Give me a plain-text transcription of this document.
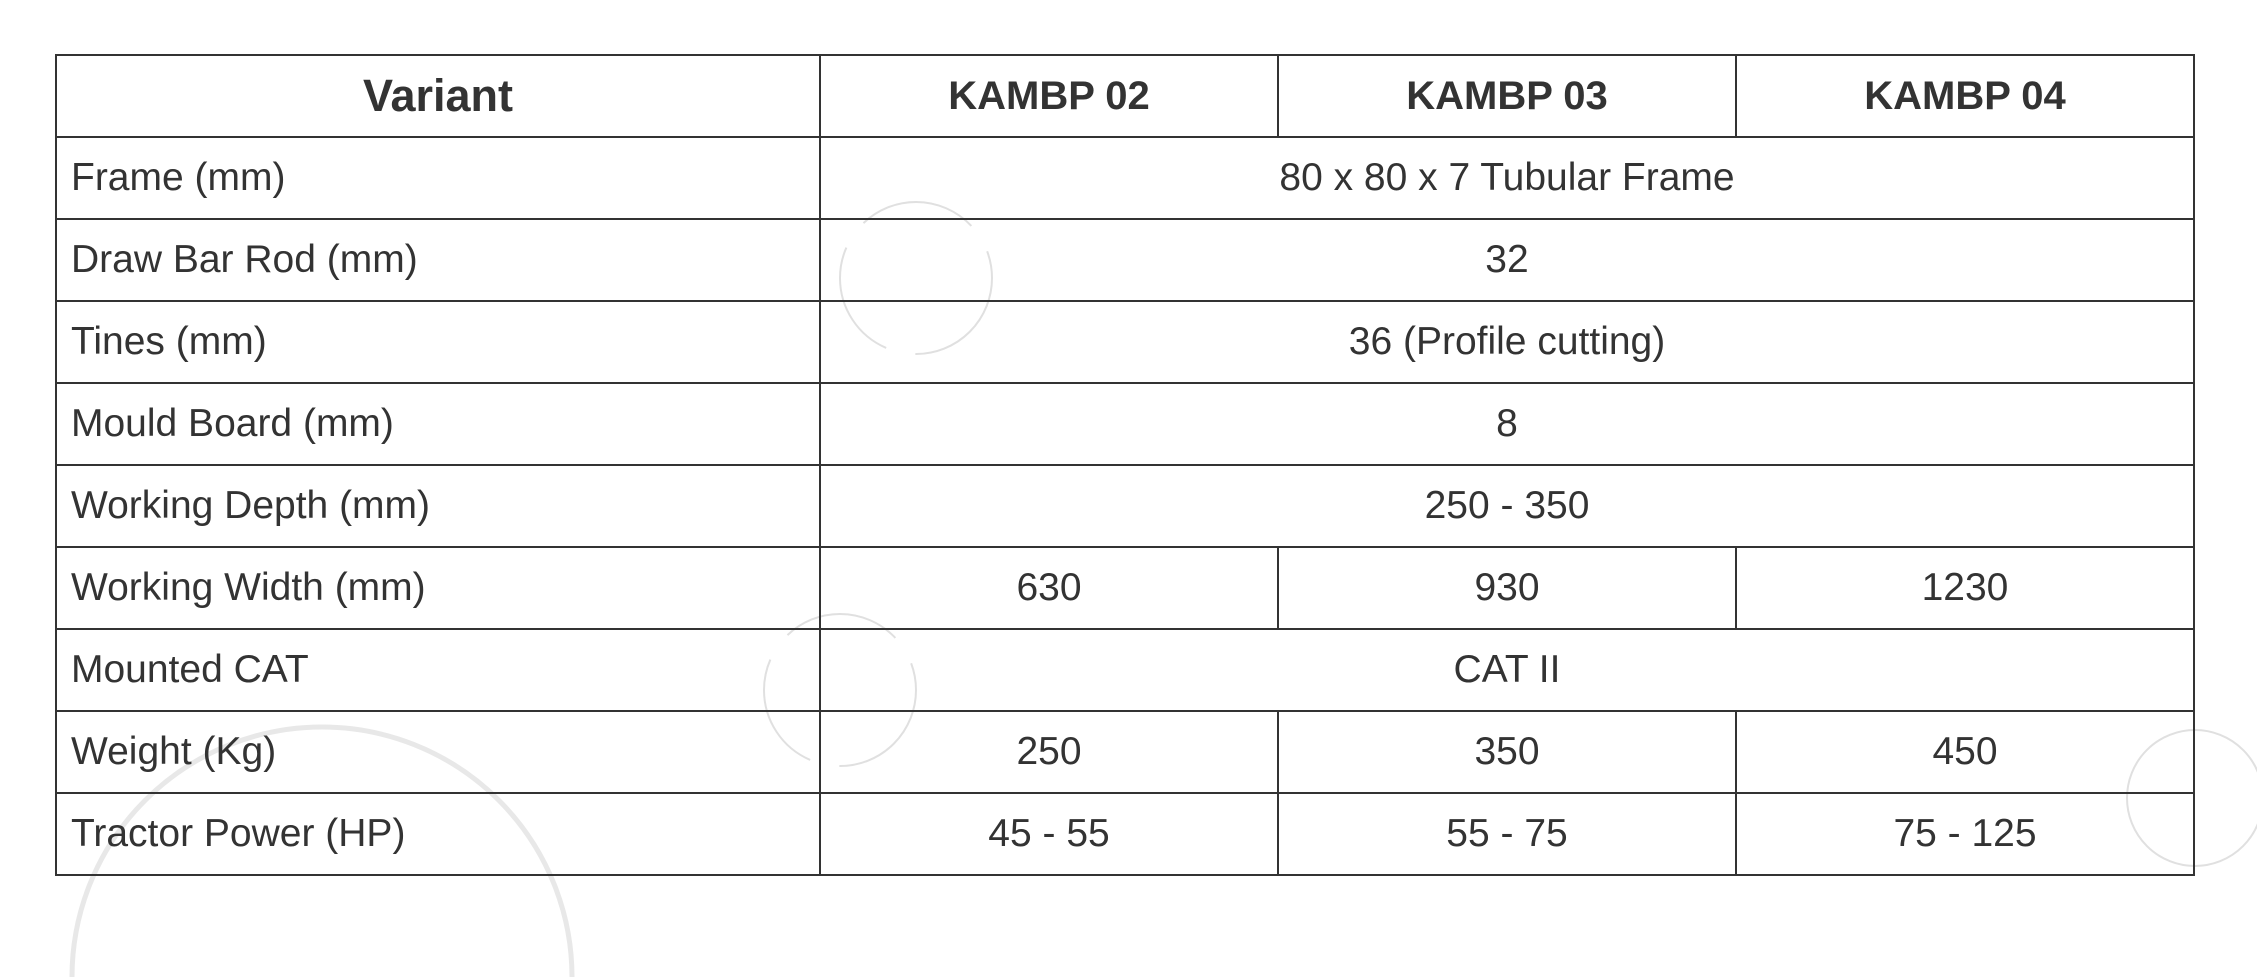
Variant	KAMBP 02	KAMBP 03	KAMBP 04
Frame (mm)	80 x 80 x 7 Tubular Frame		
Draw Bar Rod (mm)	32		
Tines (mm)	36 (Profile cutting)		
Mould Board (mm)	8		
Working Depth (mm)	250 - 350		
Working Width (mm)	630	930	1230
Mounted CAT	CAT II		
Weight (Kg)	250	350	450
Tractor Power (HP)	45 - 55	55 - 75	75 - 125
